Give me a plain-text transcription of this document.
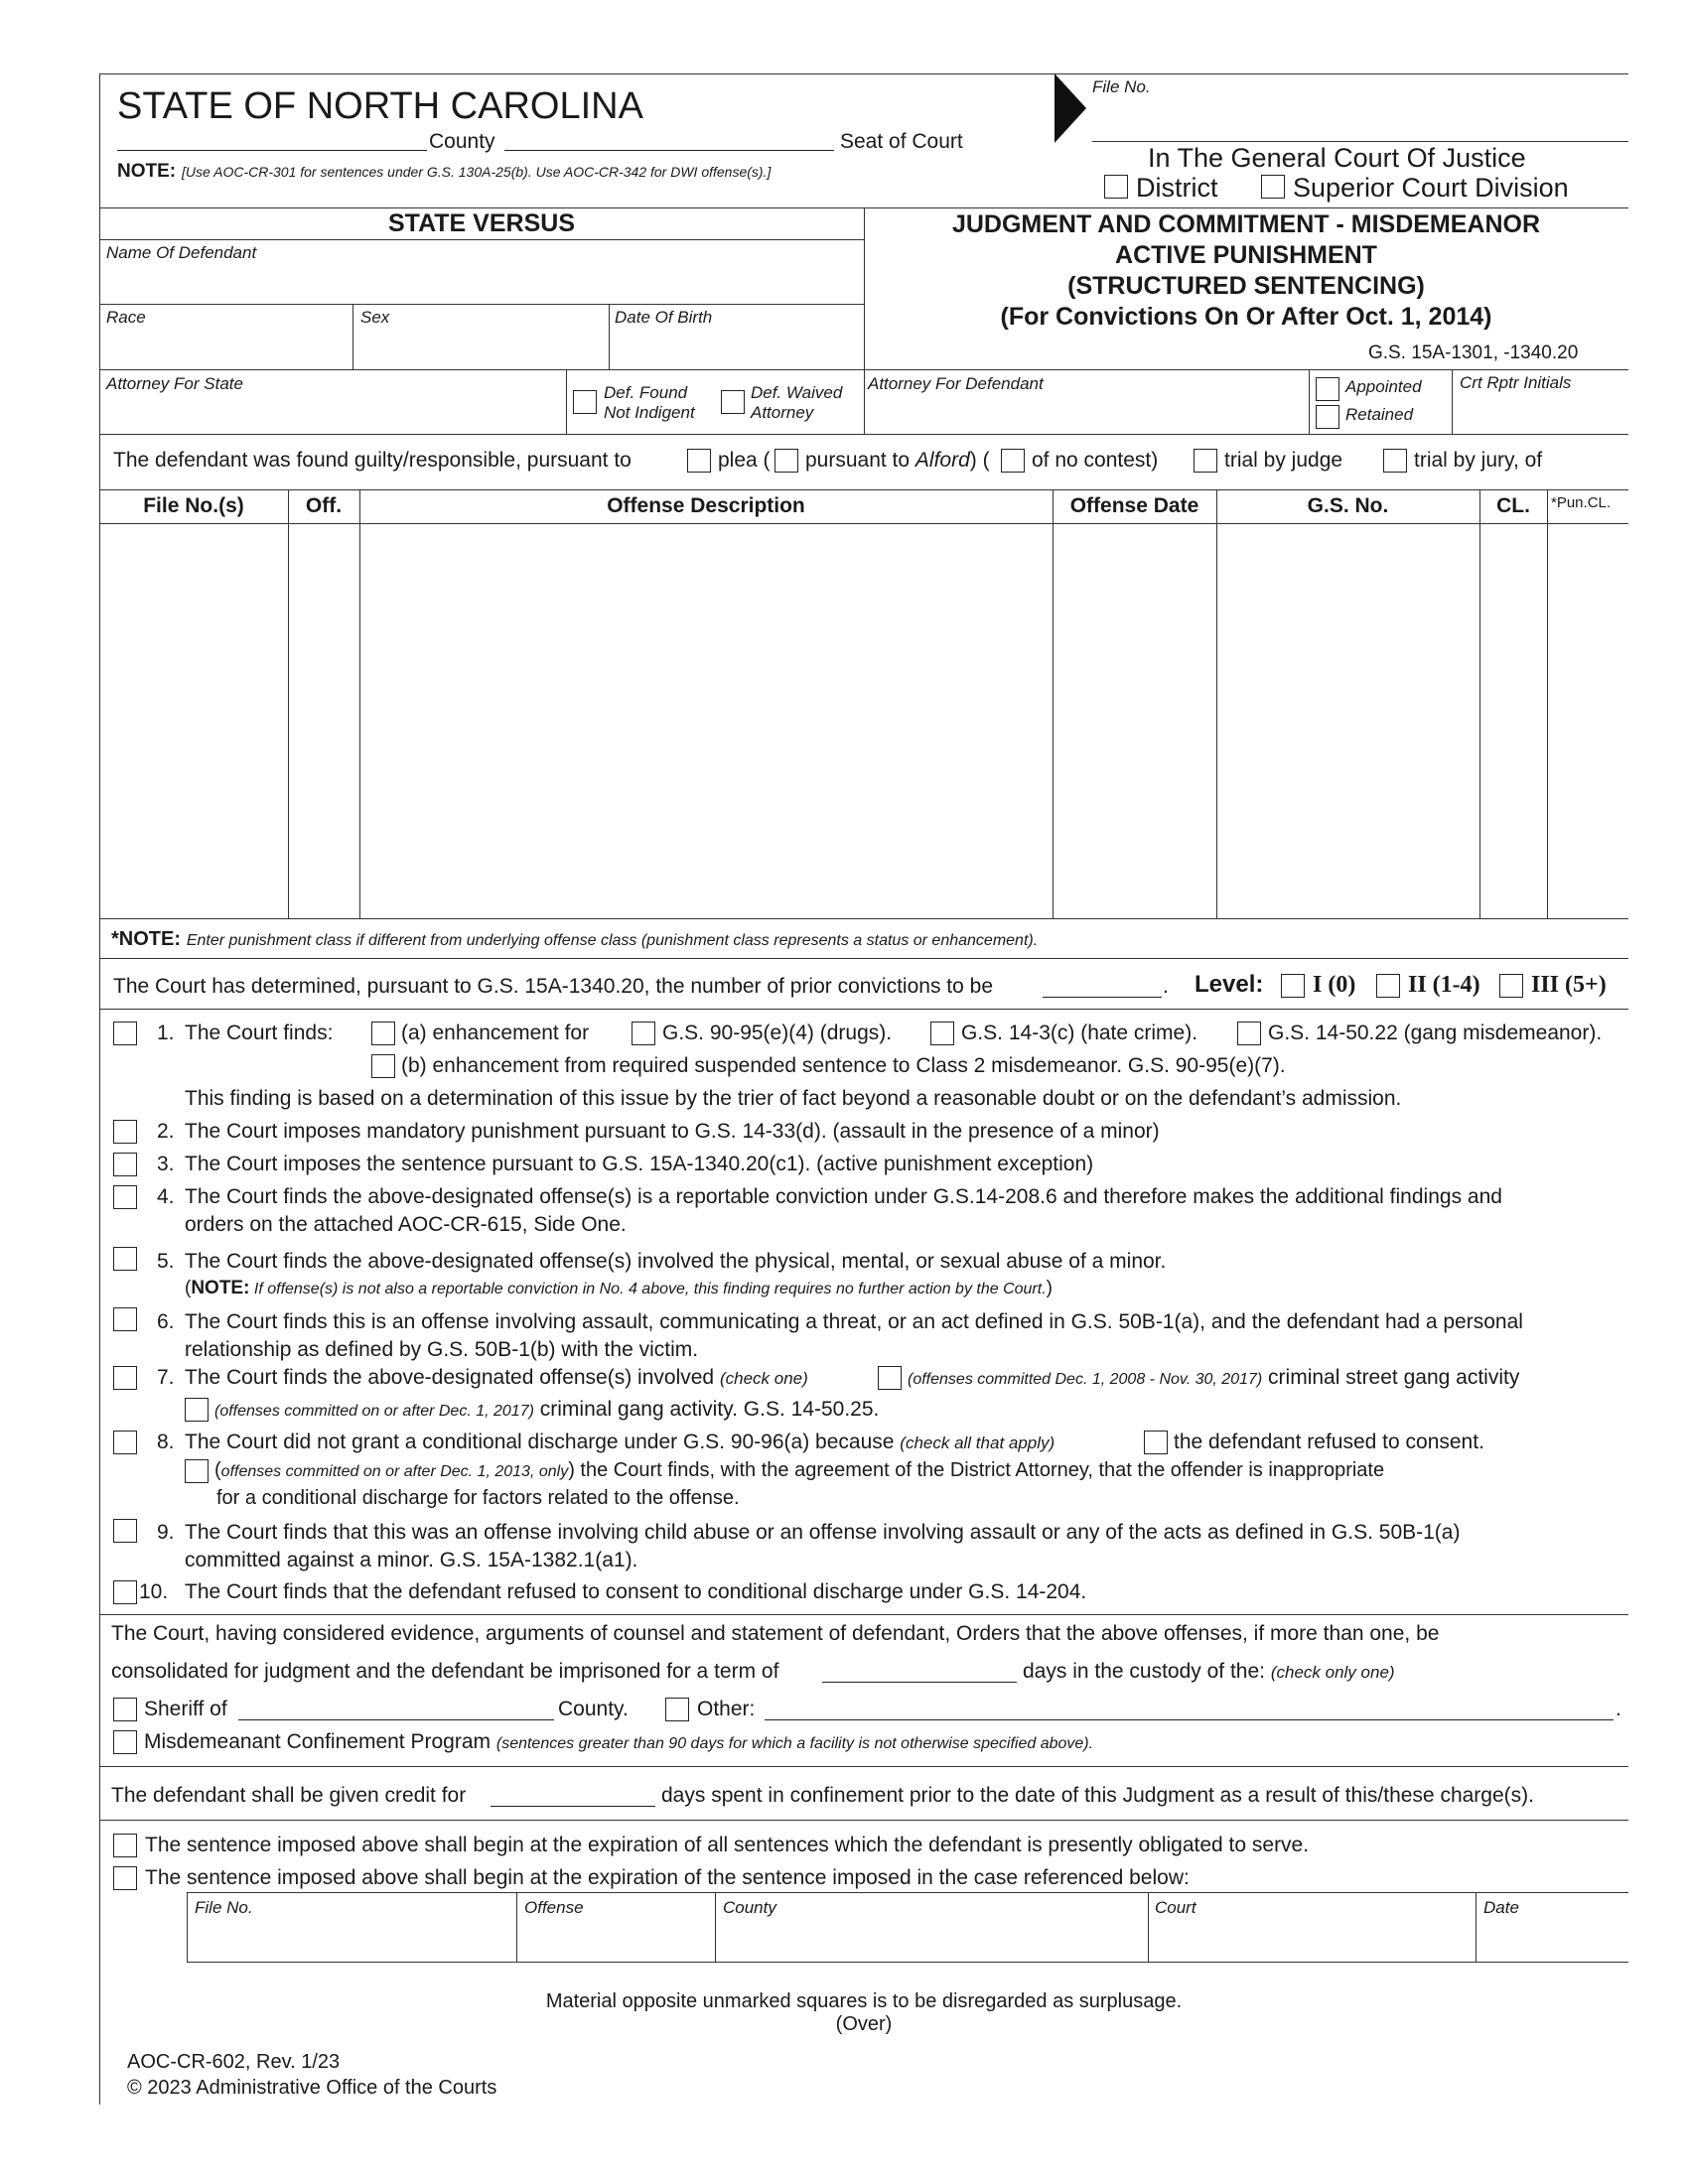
STATE OF NORTH CAROLINA
County	Seat of Court
NOTE: [Use AOC-CR-301 for sentences under G.S. 130A-25(b). Use AOC-CR-342 for DWI offense(s).]
File No.
In The General Court Of Justice
District	Superior Court Division
STATE VERSUS
Name Of Defendant
Race	Sex	Date Of Birth
Attorney For State	Def. Found
Not Indigent
Def. Waived
Attorney
JUDGMENT AND COMMITMENT - MISDEMEANOR
ACTIVE PUNISHMENT
(STRUCTURED SENTENCING)
(For Convictions On Or After Oct. 1, 2014)
G.S. 15A-1301, -1340.20
Attorney For Defendant	Appointed
Retained
Crt Rptr Initials
The defendant was found guilty/responsible, pursuant to	plea ( pursuant to Alford) ( of no contest)	trial by judge	trial by jury, of
File No.(s)	Off.	Offense Description	Offense Date	G.S. No.	CL.	*Pun.CL.
*NOTE: Enter punishment class if different from underlying offense class (punishment class represents a status or enhancement).
The Court has determined, pursuant to G.S. 15A-1340.20, the number of prior convictions to be	. Level: I (0) II (1-4) III (5+)
1. The Court finds:	(a) enhancement for	G.S. 90-95(e)(4) (drugs).	G.S. 14-3(c) (hate crime).	G.S. 14-50.22 (gang misdemeanor).
(b) enhancement from required suspended sentence to Class 2 misdemeanor. G.S. 90-95(e)(7).
This finding is based on a determination of this issue by the trier of fact beyond a reasonable doubt or on the defendant’s admission.
2. The Court imposes mandatory punishment pursuant to G.S. 14-33(d). (assault in the presence of a minor)
3. The Court imposes the sentence pursuant to G.S. 15A-1340.20(c1). (active punishment exception)
4. The Court finds the above-designated offense(s) is a reportable conviction under G.S.14-208.6 and therefore makes the additional findings and
orders on the attached AOC-CR-615, Side One.
5. The Court finds the above-designated offense(s) involved the physical, mental, or sexual abuse of a minor.
(NOTE: If offense(s) is not also a reportable conviction in No. 4 above, this finding requires no further action by the Court.)
6. The Court finds this is an offense involving assault, communicating a threat, or an act defined in G.S. 50B-1(a), and the defendant had a personal
relationship as defined by G.S. 50B-1(b) with the victim.
7. The Court finds the above-designated offense(s) involved (check one)	(offenses committed Dec. 1, 2008 - Nov. 30, 2017) criminal street gang activity
(offenses committed on or after Dec. 1, 2017) criminal gang activity. G.S. 14-50.25.
8. The Court did not grant a conditional discharge under G.S. 90-96(a) because (check all that apply)	the defendant refused to consent.
(offenses committed on or after Dec. 1, 2013, only) the Court finds, with the agreement of the District Attorney, that the offender is inappropriate
for a conditional discharge for factors related to the offense.
9. The Court finds that this was an offense involving child abuse or an offense involving assault or any of the acts as defined in G.S. 50B-1(a)
committed against a minor. G.S. 15A-1382.1(a1).
10. The Court finds that the defendant refused to consent to conditional discharge under G.S. 14-204.
The Court, having considered evidence, arguments of counsel and statement of defendant, Orders that the above offenses, if more than one, be
consolidated for judgment and the defendant be imprisoned for a term of	days in the custody of the: (check only one)
Sheriff of	County.	Other:	.
Misdemeanant Confinement Program (sentences greater than 90 days for which a facility is not otherwise specified above).
The defendant shall be given credit for	days spent in confinement prior to the date of this Judgment as a result of this/these charge(s).
The sentence imposed above shall begin at the expiration of all sentences which the defendant is presently obligated to serve.
The sentence imposed above shall begin at the expiration of the sentence imposed in the case referenced below:
File No.	Offense	County	Court	Date
Material opposite unmarked squares is to be disregarded as surplusage.
(Over)
AOC-CR-602, Rev. 1/23
© 2023 Administrative Office of the Courts
